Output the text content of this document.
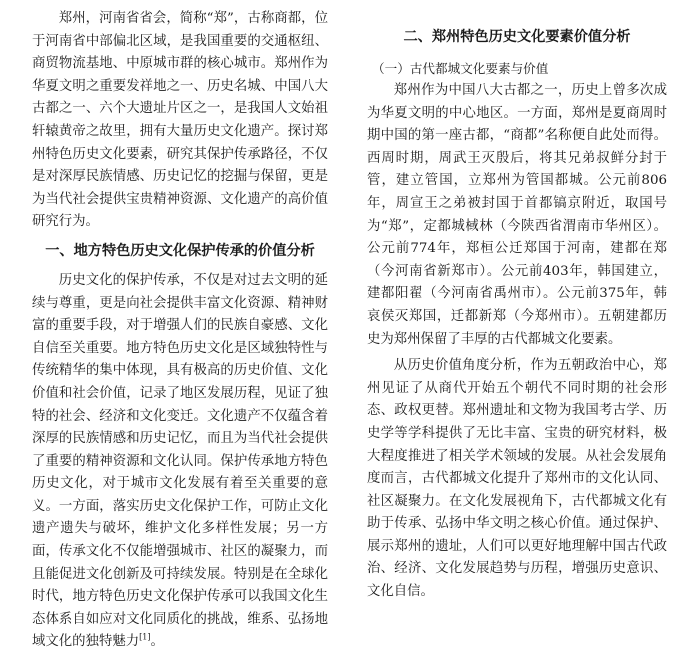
郑州，河南省省会，简称“郑”，古称商都，位于河南省中部偏北区域，是我国重要的交通枢纽、商贸物流基地、中原城市群的核心城市。郑州作为华夏文明之重要发祥地之一、历史名城、中国八大古都之一、六个大遗址片区之一，是我国人文始祖轩辕黄帝之故里，拥有大量历史文化遗产。探讨郑州特色历史文化要素，研究其保护传承路径，不仅是对深厚民族情感、历史记忆的挖掘与保留，更是为当代社会提供宝贵精神资源、文化遗产的高价值研究行为。

一、地方特色历史文化保护传承的价值分析

历史文化的保护传承，不仅是对过去文明的延续与尊重，更是向社会提供丰富文化资源、精神财富的重要手段，对于增强人们的民族自豪感、文化自信至关重要。地方特色历史文化是区域独特性与传统精华的集中体现，具有极高的历史价值、文化价值和社会价值，记录了地区发展历程，见证了独特的社会、经济和文化变迁。文化遗产不仅蕴含着深厚的民族情感和历史记忆，而且为当代社会提供了重要的精神资源和文化认同。保护传承地方特色历史文化，对于城市文化发展有着至关重要的意义。一方面，落实历史文化保护工作，可防止文化遗产遗失与破坏，维护文化多样性发展；另一方面，传承文化不仅能增强城市、社区的凝聚力，而且能促进文化创新及可持续发展。特别是在全球化时代，地方特色历史文化保护传承可以我国文化生态体系自如应对文化同质化的挑战，维系、弘扬地域文化的独特魅力[1]。

二、郑州特色历史文化要素价值分析
（一）古代都城文化要素与价值

郑州作为中国八大古都之一，历史上曾多次成为华夏文明的中心地区。一方面，郑州是夏商周时期中国的第一座古都，“商都”名称便自此处而得。西周时期，周武王灭殷后，将其兄弟叔鲜分封于管，建立管国，立郑州为管国都城。公元前806年，周宣王之弟被封国于首都镐京附近，取国号为“郑”，定都城棫林（今陕西省渭南市华州区）。公元前774年，郑桓公迁郑国于河南，建都在郑（今河南省新郑市）。公元前403年，韩国建立，建都阳翟（今河南省禹州市）。公元前375年，韩哀侯灭郑国，迁都新郑（今郑州市）。五朝建都历史为郑州保留了丰厚的古代都城文化要素。

从历史价值角度分析，作为五朝政治中心，郑州见证了从商代开始五个朝代不同时期的社会形态、政权更替。郑州遗址和文物为我国考古学、历史学等学科提供了无比丰富、宝贵的研究材料，极大程度推进了相关学术领域的发展。从社会发展角度而言，古代都城文化提升了郑州市的文化认同、社区凝聚力。在文化发展视角下，古代都城文化有助于传承、弘扬中华文明之核心价值。通过保护、展示郑州的遗址，人们可以更好地理解中国古代政治、经济、文化发展趋势与历程，增强历史意识、文化自信。
